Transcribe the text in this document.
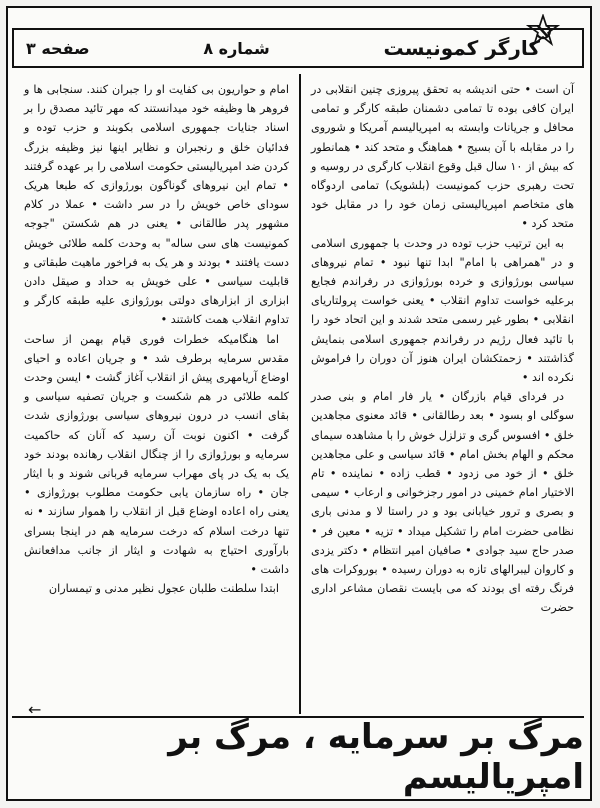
کارگر کمونیست
شماره ۸
صفحه ۳

آن است • حتی اندیشه به تحقق پیروزی چنین انقلابی در ایران کافی بوده تا تمامی دشمنان طبقه کارگر و تمامی محافل و جریانات وابسته به امپریالیسم آمریکا و شوروی را در مقابله با آن بسیج • هماهنگ و متحد کند • همانطور که بیش از ۱۰ سال قبل وقوع انقلاب کارگری در روسیه و تحت رهبری حزب کمونیست (بلشویک) تمامی اردوگاه های متخاصم امپریالیستی زمان خود را در مقابل خود متحد کرد •

به این ترتیب حزب توده در وحدت با جمهوری اسلامی و در "همراهی با امام" ابدا تنها نبود • تمام نیروهای سیاسی بورژوازی و خرده بورژوازی در رفراندم فجایع برعلیه خواست تداوم انقلاب • یعنی خواست پرولتاریای انقلابی • بطور غیر رسمی متحد شدند و این اتحاد خود را با تائید فعال رژیم در رفراندم جمهوری اسلامی بنمایش گذاشتند • زحمتکشان ایران هنوز آن دوران را فراموش نکرده اند •

در فردای قیام بازرگان • یار فار امام و بنی صدر سوگلی او بسود • بعد رطالقانی • قائد معنوی مجاهدین خلق • افسوس گری و تزلزل خوش را با مشاهده سیمای محکم و الهام بخش امام • قائد سیاسی و علی مجاهدین خلق • از خود می زدود • قطب زاده • نماینده • تام الاختیار امام خمینی در امور رجزخوانی و ارعاب • سیمی و بصری و ترور خیابانی بود و در راستا لا و مدنی باری نظامی حضرت امام را تشکیل میداد • تزیه • معین فر • صدر حاج سید جوادی • صافیان امیر انتظام • دکتر یزدی و کاروان لیبرالهای تازه به دوران رسیده • بوروکرات های فرنگ رفته ای بودند که می بایست نقصان مشاعر اداری حضرت

امام و حواریون بی کفایت او را جبران کنند. سنجابی ها و فروهر ها وظیفه خود میدانستند که مهر تائید مصدق را بر اسناد جنایات جمهوری اسلامی بکوبند و حزب توده و فدائیان خلق و رنجبران و نظایر اینها نیز وظیفه بزرگ کردن ضد امپریالیستی حکومت اسلامی را بر عهده گرفتند • تمام این نیروهای گوناگون بورژوازی که طبعا هریک سودای خاص خویش را در سر داشت • عملا در کلام مشهور پدر طالقانی • یعنی در هم شکستن "جوجه کمونیست های سی ساله" به وحدت کلمه طلائی خویش دست یافتند • بودند و هر یک به فراخور ماهیت طبقاتی و قابلیت سیاسی • علی خویش به حداد و صیقل دادن ابزاری از ابزارهای دولتی بورژوازی علیه طبقه کارگر و تداوم انقلاب همت کاشتند •

اما هنگامیکه خطرات فوری قیام بهمن از ساحت مقدس سرمایه برطرف شد • و جریان اعاده و احیای اوضاع آریامهری پیش از انقلاب آغاز گشت • ایسن وحدت کلمه طلائی در هم شکست و جریان تصفیه سیاسی و بقای انسب در درون نیروهای سیاسی بورژوازی شدت گرفت • اکنون نوبت آن رسید که آنان که حاکمیت سرمایه و بورژوازی را از چنگال انقلاب رهانده بودند خود یک به یک در پای مهراب سرمایه قربانی شوند و با ایثار جان • راه سازمان یابی حکومت مطلوب بورژوازی • یعنی راه اعاده اوضاع قبل از انقلاب را هموار سازند • نه تنها درخت اسلام که درخت سرمایه هم در اینجا بسرای بارآوری احتیاج به شهادت و ایثار از جانب مدافعانش داشت •

ابتدا سلطنت طلبان عجول نظیر مدنی و تیمساران

←
مرگ بر سرمایه ، مرگ بر امپریالیسم
